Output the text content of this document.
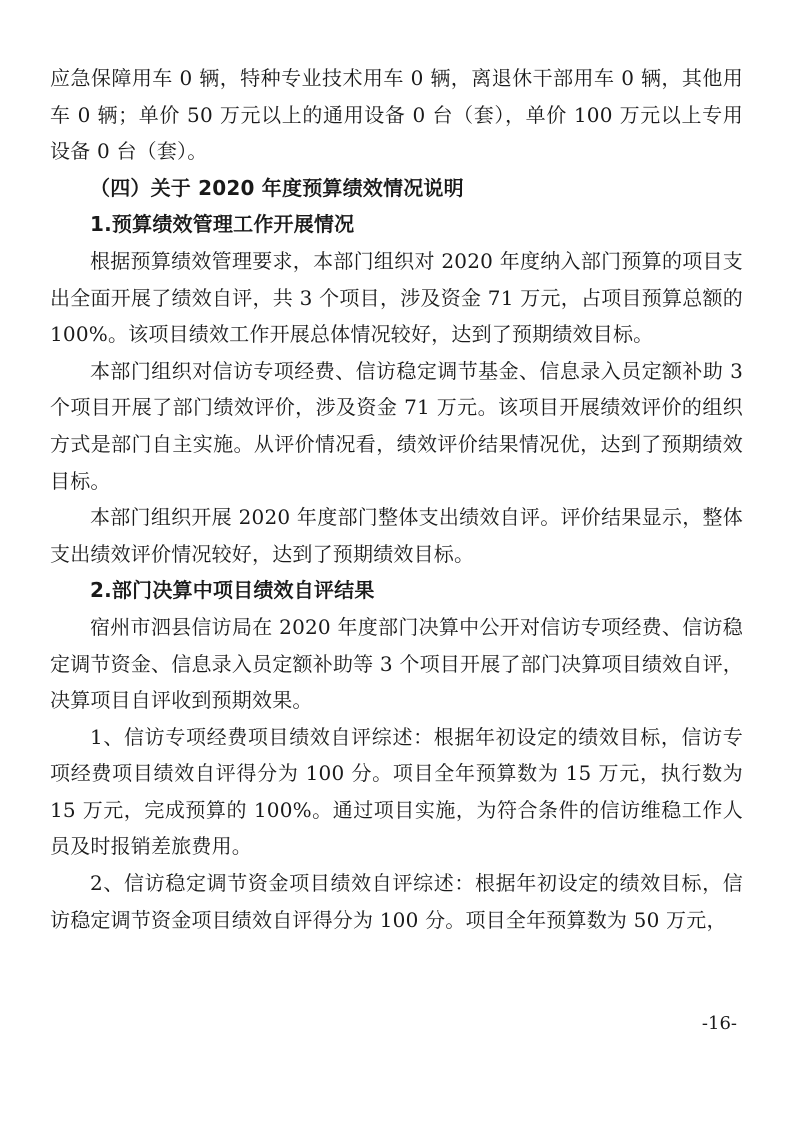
应急保障用车 0 辆，特种专业技术用车 0 辆，离退休干部用车 0 辆，其他用车 0 辆；单价 50 万元以上的通用设备 0 台（套），单价 100 万元以上专用设备 0 台（套）。

（四）关于 2020 年度预算绩效情况说明

1.预算绩效管理工作开展情况

根据预算绩效管理要求，本部门组织对 2020 年度纳入部门预算的项目支出全面开展了绩效自评，共 3 个项目，涉及资金 71 万元，占项目预算总额的 100%。该项目绩效工作开展总体情况较好，达到了预期绩效目标。

本部门组织对信访专项经费、信访稳定调节基金、信息录入员定额补助 3 个项目开展了部门绩效评价，涉及资金 71 万元。该项目开展绩效评价的组织方式是部门自主实施。从评价情况看，绩效评价结果情况优，达到了预期绩效目标。

本部门组织开展 2020 年度部门整体支出绩效自评。评价结果显示，整体支出绩效评价情况较好，达到了预期绩效目标。

2.部门决算中项目绩效自评结果

宿州市泗县信访局在 2020 年度部门决算中公开对信访专项经费、信访稳定调节资金、信息录入员定额补助等 3 个项目开展了部门决算项目绩效自评，决算项目自评收到预期效果。

1、信访专项经费项目绩效自评综述：根据年初设定的绩效目标，信访专项经费项目绩效自评得分为 100 分。项目全年预算数为 15 万元，执行数为 15 万元，完成预算的 100%。通过项目实施，为符合条件的信访维稳工作人员及时报销差旅费用。

2、信访稳定调节资金项目绩效自评综述：根据年初设定的绩效目标，信访稳定调节资金项目绩效自评得分为 100 分。项目全年预算数为 50 万元，

-16-
